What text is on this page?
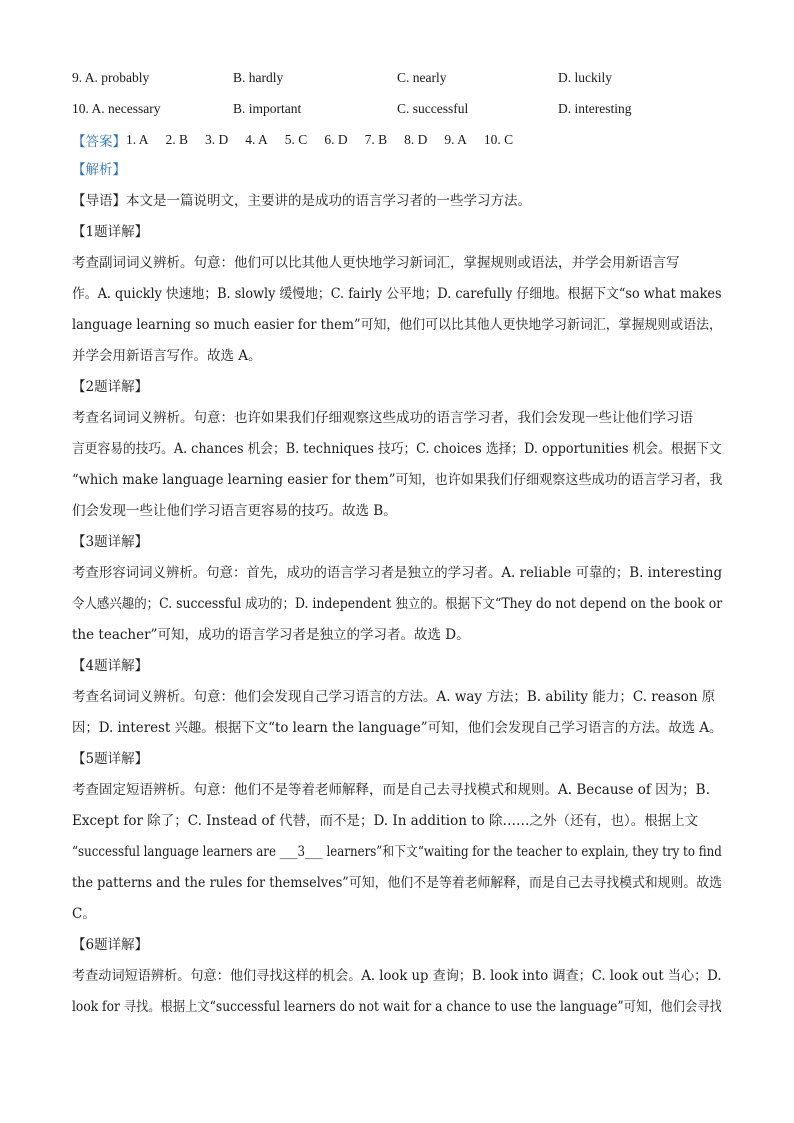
9. A. probably	B. hardly	C. nearly	D. luckily
10. A. necessary	B. important	C. successful	D. interesting
【答案】 1. A 2. B 3. D 4. A 5. C 6. D 7. B 8. D 9. A 10. C
【解析】
【导语】本文是一篇说明文，主要讲的是成功的语言学习者的一些学习方法。
【1题详解】
考查副词词义辨析。句意：他们可以比其他人更快地学习新词汇，掌握规则或语法，并学会用新语言写
作。A. quickly 快速地；B. slowly 缓慢地；C. fairly 公平地；D. carefully 仔细地。根据下文“so what makes
language learning so much easier for them”可知，他们可以比其他人更快地学习新词汇，掌握规则或语法，
并学会用新语言写作。故选 A。
【2题详解】
考查名词词义辨析。句意：也许如果我们仔细观察这些成功的语言学习者，我们会发现一些让他们学习语
言更容易的技巧。A. chances 机会；B. techniques 技巧；C. choices 选择；D. opportunities 机会。根据下文
“which make language learning easier for them”可知，也许如果我们仔细观察这些成功的语言学习者，我
们会发现一些让他们学习语言更容易的技巧。故选 B。
【3题详解】
考查形容词词义辨析。句意：首先，成功的语言学习者是独立的学习者。A. reliable 可靠的；B. interesting
令人感兴趣的；C. successful 成功的；D. independent 独立的。根据下文“They do not depend on the book or
the teacher”可知，成功的语言学习者是独立的学习者。故选 D。
【4题详解】
考查名词词义辨析。句意：他们会发现自己学习语言的方法。A. way 方法；B. ability 能力；C. reason 原
因；D. interest 兴趣。根据下文“to learn the language”可知，他们会发现自己学习语言的方法。故选 A。
【5题详解】
考查固定短语辨析。句意：他们不是等着老师解释，而是自己去寻找模式和规则。A. Because of 因为；B.
Except for 除了；C. Instead of 代替，而不是；D. In addition to 除……之外（还有，也）。根据上文
“successful language learners are ___3___ learners”和下文“waiting for the teacher to explain, they try to find
the patterns and the rules for themselves”可知，他们不是等着老师解释，而是自己去寻找模式和规则。故选
C。
【6题详解】
考查动词短语辨析。句意：他们寻找这样的机会。A. look up 查询；B. look into 调查；C. look out 当心；D.
look for 寻找。根据上文“successful learners do not wait for a chance to use the language”可知，他们会寻找
